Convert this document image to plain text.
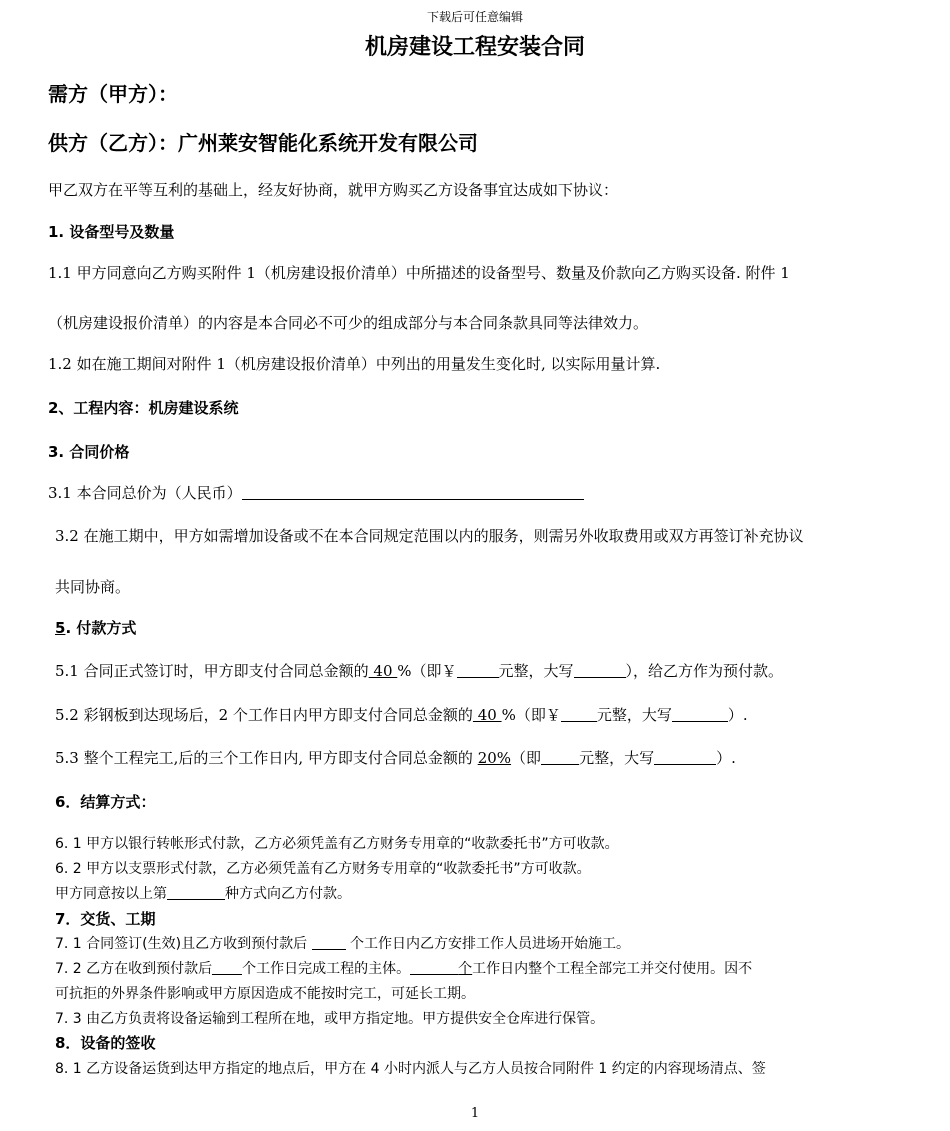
下载后可任意编辑
机房建设工程安装合同
需方（甲方）：
供方（乙方）：广州莱安智能化系统开发有限公司
甲乙双方在平等互利的基础上，经友好协商，就甲方购买乙方设备事宜达成如下协议：
1. 设备型号及数量
1.1 甲方同意向乙方购买附件 1（机房建设报价清单）中所描述的设备型号、数量及价款向乙方购买设备. 附件 1
（机房建设报价清单）的内容是本合同必不可少的组成部分与本合同条款具同等法律效力。
1.2 如在施工期间对附件 1（机房建设报价清单）中列出的用量发生变化时, 以实际用量计算.
2、工程内容：机房建设系统
3. 合同价格
3.1 本合同总价为（人民币）
3.2 在施工期中，甲方如需增加设备或不在本合同规定范围以内的服务，则需另外收取费用或双方再签订补充协议
共同协商。
5. 付款方式
5.1 合同正式签订时，甲方即支付合同总金额的 40 %（即￥	元整，大写	），给乙方作为预付款。
5.2 彩钢板到达现场后，2 个工作日内甲方即支付合同总金额的 40 %（即￥ 元整，大写	）.
5.3 整个工程完工,后的三个工作日内, 甲方即支付合同总金额的 20%（即	元整，大写	）.
6．结算方式：
6. 1 甲方以银行转帐形式付款，乙方必须凭盖有乙方财务专用章的“收款委托书”方可收款。
6. 2 甲方以支票形式付款，乙方必须凭盖有乙方财务专用章的“收款委托书”方可收款。
甲方同意按以上第	种方式向乙方付款。
7．交货、工期
7. 1 合同签订(生效)且乙方收到预付款后  个工作日内乙方安排工作人员进场开始施工。
7. 2 乙方在收到预付款后 个工作日完成工程的主体。	个工作日内整个工程全部完工并交付使用。因不
可抗拒的外界条件影响或甲方原因造成不能按时完工，可延长工期。
7. 3 由乙方负责将设备运输到工程所在地，或甲方指定地。甲方提供安全仓库进行保管。
8．设备的签收
8. 1 乙方设备运货到达甲方指定的地点后，甲方在 4 小时内派人与乙方人员按合同附件 1 约定的内容现场清点、签
1
